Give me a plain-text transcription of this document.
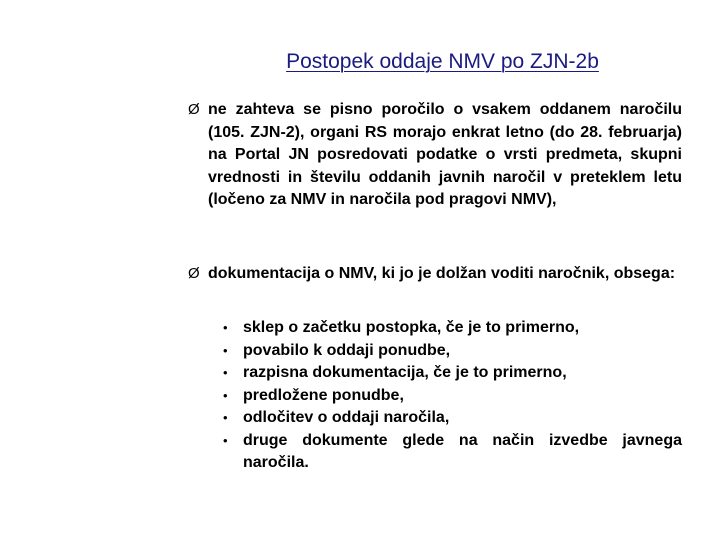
Postopek oddaje NMV po ZJN-2b
Ø ne zahteva se pisno poročilo o vsakem oddanem naročilu (105. ZJN-2), organi RS morajo enkrat letno (do 28. februarja) na Portal JN posredovati podatke o vrsti predmeta, skupni vrednosti in številu oddanih javnih naročil v preteklem letu (ločeno za NMV in naročila pod pragovi NMV),
Ø dokumentacija o NMV, ki jo je dolžan voditi naročnik, obsega:
• sklep o začetku postopka, če je to primerno,
• povabilo k oddaji ponudbe,
• razpisna dokumentacija, če je to primerno,
• predložene ponudbe,
• odločitev o oddaji naročila,
• druge dokumente glede na način izvedbe javnega naročila.
